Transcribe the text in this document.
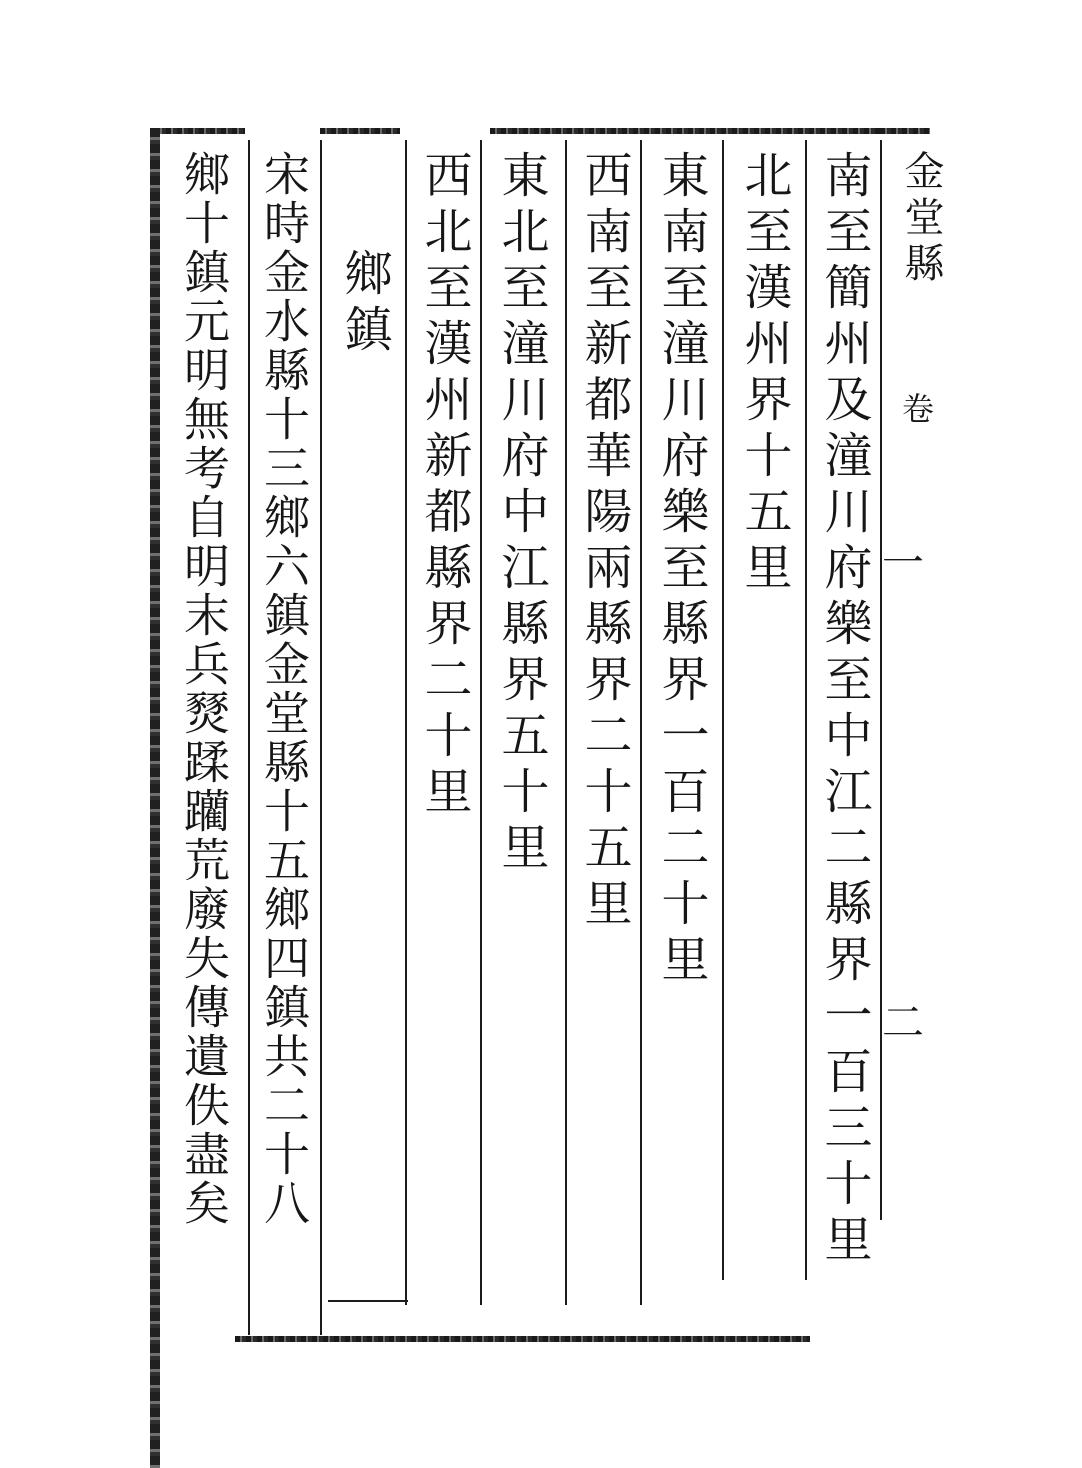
金堂縣
卷
一
二
南至簡州及潼川府樂至中江二縣界一百三十里
北至漢州界十五里
東南至潼川府樂至縣界一百二十里
西南至新都華陽兩縣界二十五里
東北至潼川府中江縣界五十里
西北至漢州新都縣界二十里
鄉鎮
宋時金水縣十三鄉六鎮金堂縣十五鄉四鎮共二十八
鄉十鎮元明無考自明末兵燹蹂躪荒廢失傳遺佚盡矣
